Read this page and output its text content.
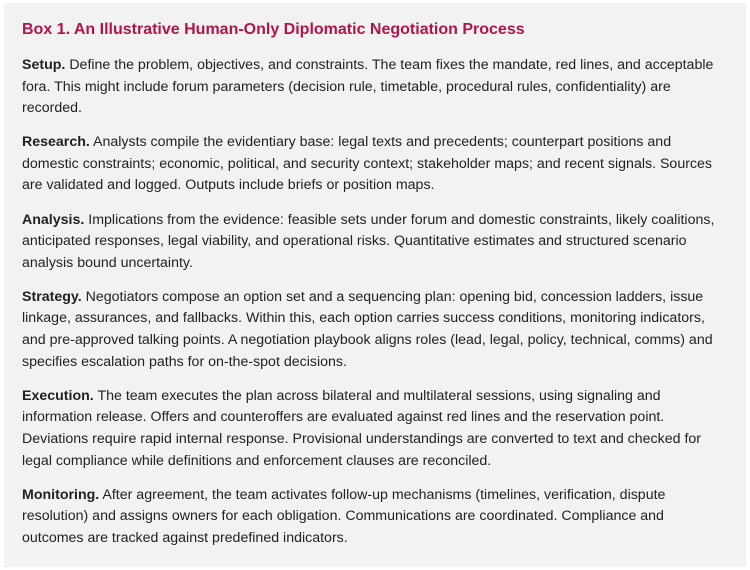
Box 1. An Illustrative Human-Only Diplomatic Negotiation Process

Setup. Define the problem, objectives, and constraints. The team fixes the mandate, red lines, and acceptable fora. This might include forum parameters (decision rule, timetable, procedural rules, confidentiality) are recorded.

Research. Analysts compile the evidentiary base: legal texts and precedents; counterpart positions and domestic constraints; economic, political, and security context; stakeholder maps; and recent signals. Sources are validated and logged. Outputs include briefs or position maps.

Analysis. Implications from the evidence: feasible sets under forum and domestic constraints, likely coalitions, anticipated responses, legal viability, and operational risks. Quantitative estimates and structured scenario analysis bound uncertainty.

Strategy. Negotiators compose an option set and a sequencing plan: opening bid, concession ladders, issue linkage, assurances, and fallbacks. Within this, each option carries success conditions, monitoring indicators, and pre-approved talking points. A negotiation playbook aligns roles (lead, legal, policy, technical, comms) and specifies escalation paths for on-the-spot decisions.

Execution. The team executes the plan across bilateral and multilateral sessions, using signaling and information release. Offers and counteroffers are evaluated against red lines and the reservation point. Deviations require rapid internal response. Provisional understandings are converted to text and checked for legal compliance while definitions and enforcement clauses are reconciled.

Monitoring. After agreement, the team activates follow-up mechanisms (timelines, verification, dispute resolution) and assigns owners for each obligation. Communications are coordinated. Compliance and outcomes are tracked against predefined indicators.
